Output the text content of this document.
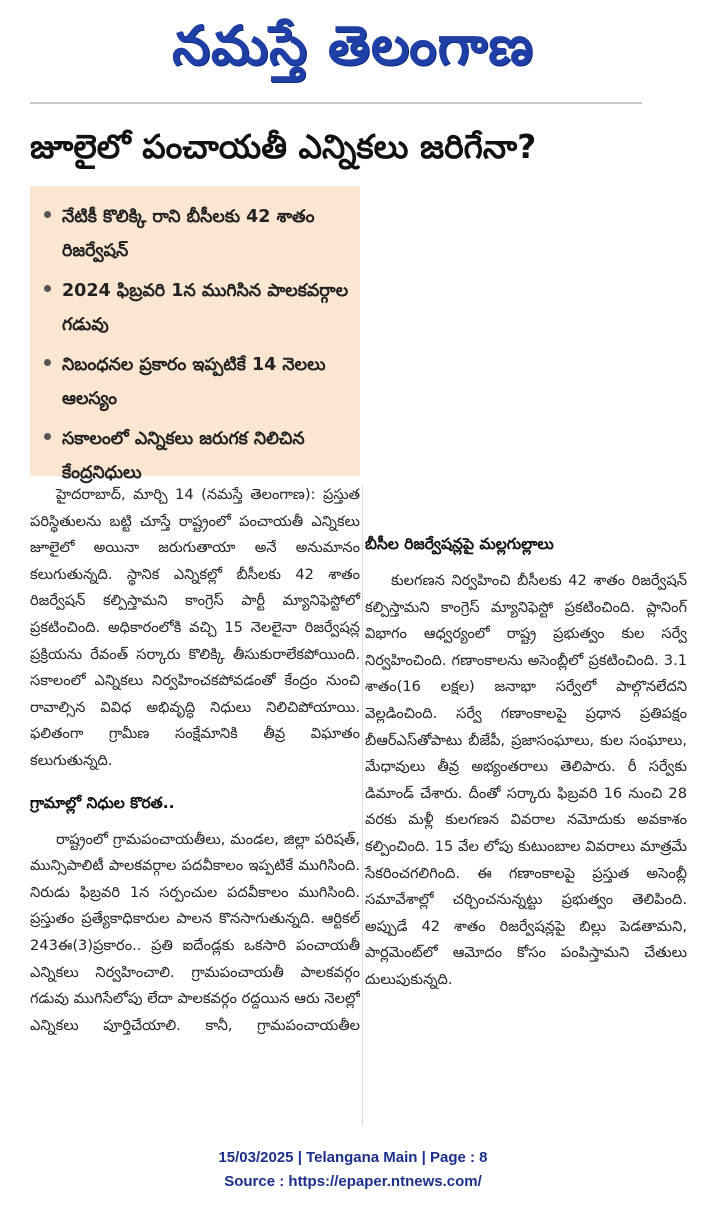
నమస్తే తెలంగాణ
జూలైలో పంచాయతీ ఎన్నికలు జరిగేనా?
నేటికీ కొలిక్కి రాని బీసీలకు 42 శాతం రిజర్వేషన్
2024 ఫిబ్రవరి 1న ముగిసిన పాలకవర్గాల గడువు
నిబంధనల ప్రకారం ఇప్పటికే 14 నెలలు ఆలస్యం
సకాలంలో ఎన్నికలు జరుగక నిలిచిన కేంద్రనిధులు

హైదరాబాద్, మార్చి 14 (నమస్తే తెలంగాణ): ప్రస్తుత పరిస్థితులను బట్టి చూస్తే రాష్ట్రంలో పంచాయతీ ఎన్నికలు జూలైలో అయినా జరుగుతాయా అనే అనుమానం కలుగుతున్నది. స్థానిక ఎన్నికల్లో బీసీలకు 42 శాతం రిజర్వేషన్ కల్పిస్తామని కాంగ్రెస్ పార్టీ మ్యానిఫెస్టోలో ప్రకటించింది. అధికారంలోకి వచ్చి 15 నెలలైనా రిజర్వేషన్ల ప్రక్రియను రేవంత్ సర్కారు కొలిక్కి తీసుకురాలేకపోయింది. సకాలంలో ఎన్నికలు నిర్వహించకపోవడంతో కేంద్రం నుంచి రావాల్సిన వివిధ అభివృద్ధి నిధులు నిలిచిపోయాయి. ఫలితంగా గ్రామీణ సంక్షేమానికి తీవ్ర విఘాతం కలుగుతున్నది.

గ్రామాల్లో నిధుల కొరత..

రాష్ట్రంలో గ్రామపంచాయతీలు, మండల, జిల్లా పరిషత్, మున్సిపాలిటీ పాలకవర్గాల పదవీకాలం ఇప్పటికే ముగిసింది. నిరుడు ఫిబ్రవరి 1న సర్పంచుల పదవీకాలం ముగిసింది. ప్రస్తుతం ప్రత్యేకాధికారుల పాలన కొనసాగుతున్నది. ఆర్టికల్ 243ఈ(3)ప్రకారం.. ప్రతి ఐదేండ్లకు ఒకసారి పంచాయతీ ఎన్నికలు నిర్వహించాలి. గ్రామపంచాయతీ పాలకవర్గం గడువు ముగిసేలోపు లేదా పాలకవర్గం రద్దయిన ఆరు నెలల్లో ఎన్నికలు పూర్తిచేయాలి. కానీ, గ్రామపంచాయతీల

బీసీల రిజర్వేషన్లపై మల్లగుల్లాలు

కులగణన నిర్వహించి బీసీలకు 42 శాతం రిజర్వేషన్ కల్పిస్తామని కాంగ్రెస్ మ్యానిఫెస్టో ప్రకటించింది. ప్లానింగ్ విభాగం ఆధ్వర్యంలో రాష్ట్ర ప్రభుత్వం కుల సర్వే నిర్వహించింది. గణాంకాలను అసెంబ్లీలో ప్రకటించింది. 3.1 శాతం(16 లక్షల) జనాభా సర్వేలో పాల్గొనలేదని వెల్లడించింది. సర్వే గణాంకాలపై ప్రధాన ప్రతిపక్షం బీఆర్ఎస్‌తోపాటు బీజేపీ, ప్రజాసంఘాలు, కుల సంఘాలు, మేధావులు తీవ్ర అభ్యంతరాలు తెలిపారు. రీ సర్వేకు డిమాండ్ చేశారు. దీంతో సర్కారు ఫిబ్రవరి 16 నుంచి 28 వరకు మళ్లీ కులగణన వివరాల నమోదుకు అవకాశం కల్పించింది. 15 వేల లోపు కుటుంబాల వివరాలు మాత్రమే సేకరించగలిగింది. ఈ గణాంకాలపై ప్రస్తుత అసెంబ్లీ సమావేశాల్లో చర్చించనున్నట్టు ప్రభుత్వం తెలిపింది. అప్పుడే 42 శాతం రిజర్వేషన్లపై బిల్లు పెడతామని, పార్లమెంట్‌లో ఆమోదం కోసం పంపిస్తామని చేతులు దులుపుకున్నది.

15/03/2025 | Telangana Main | Page : 8
Source : https://epaper.ntnews.com/
